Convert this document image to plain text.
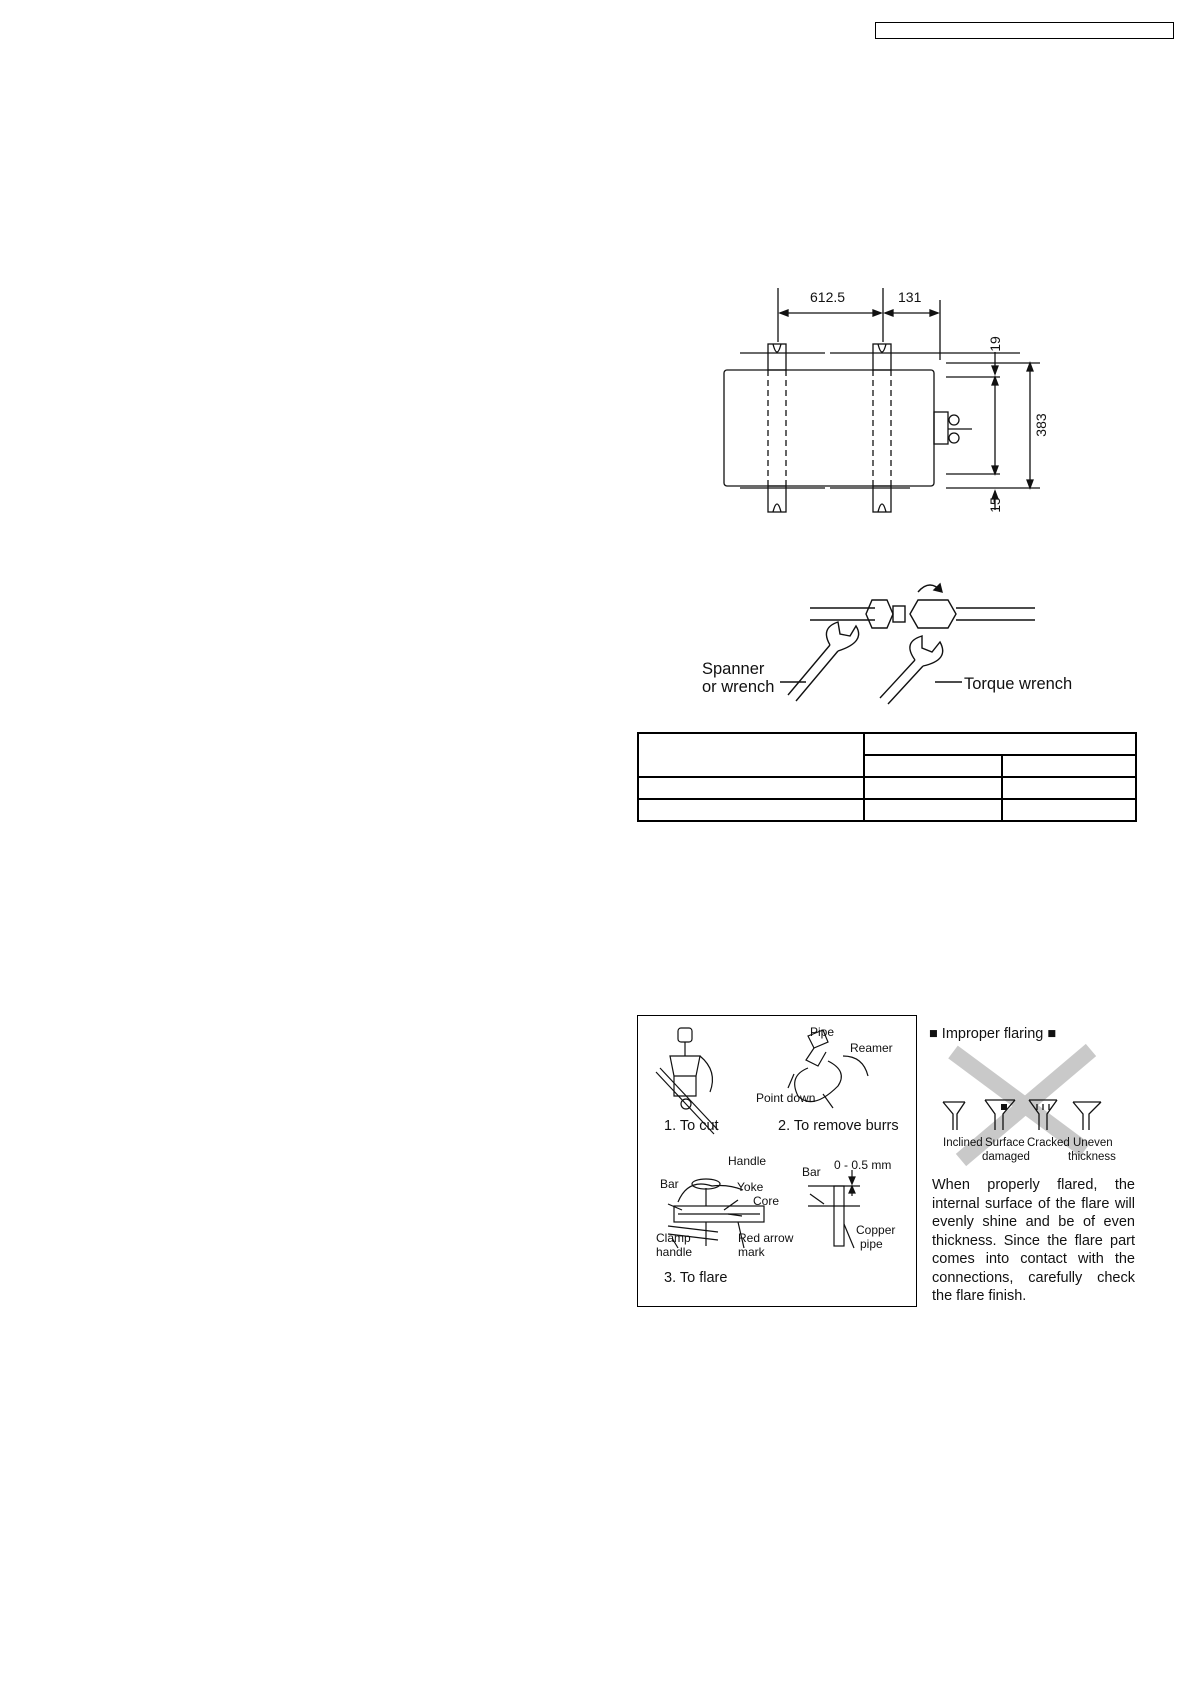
612.5	131
19
383
15
Spanner
or wrench	Torque wrench

Pipe
Reamer
Point down
1. To cut	2. To remove burrs
Handle
Bar	Yoke
Core
Clamp
handle
Red arrow
mark
Bar 0 - 0.5 mm
Copper
pipe
3. To flare
■ Improper flaring ■
Inclined Surface
damaged
Cracked Uneven
thickness
When properly flared, the internal surface of the flare will evenly shine and be of even thickness. Since the flare part comes into contact with the connections, carefully check the flare finish.
